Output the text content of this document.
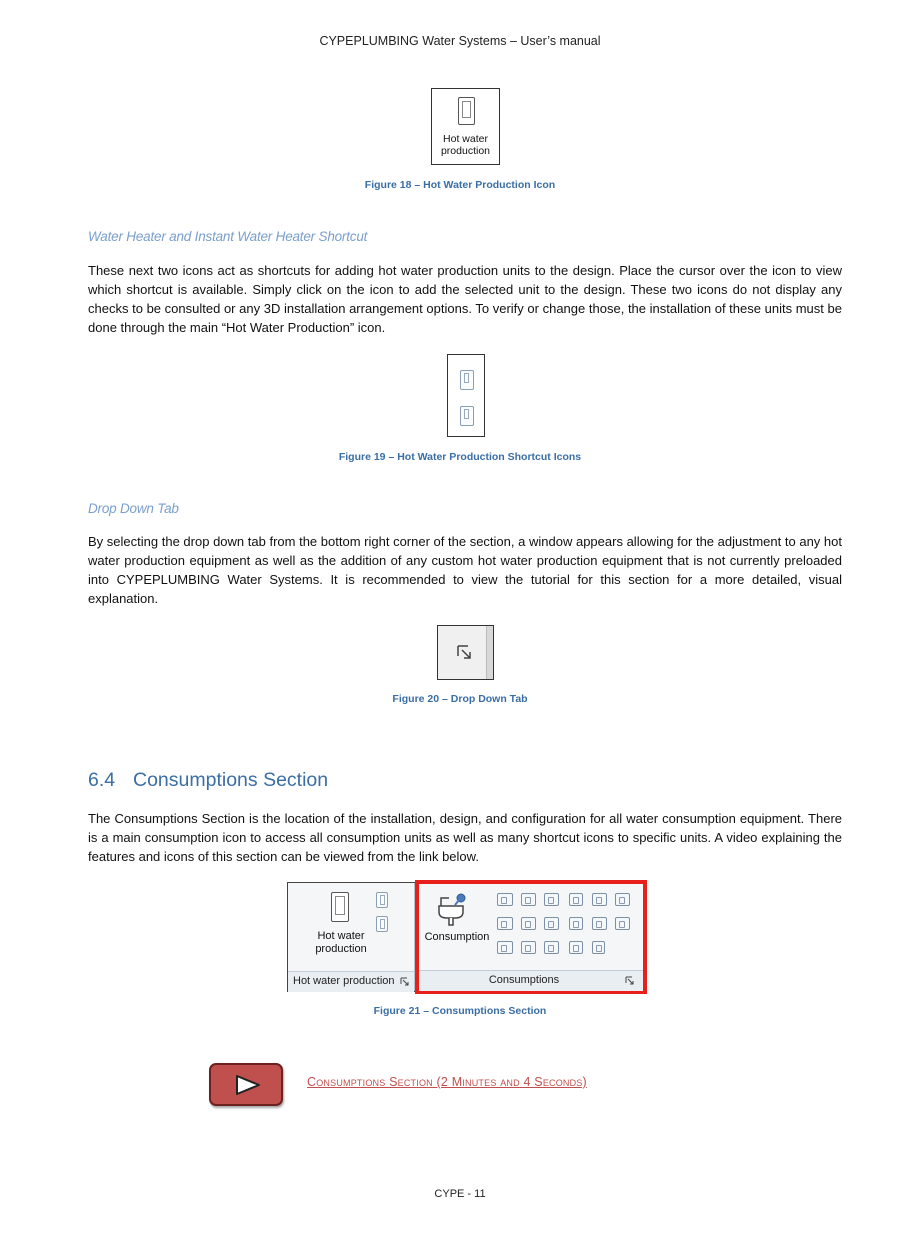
CYPEPLUMBING Water Systems – User’s manual
Hot water
production
Figure 18 – Hot Water Production Icon
Water Heater and Instant Water Heater Shortcut
These next two icons act as shortcuts for adding hot water production units to the design. Place the cursor over the icon to view which shortcut is available. Simply click on the icon to add the selected unit to the design. These two icons do not display any checks to be consulted or any 3D installation arrangement options. To verify or change those, the installation of these units must be done through the main “Hot Water Production” icon.
Figure 19 – Hot Water Production Shortcut Icons
Drop Down Tab
By selecting the drop down tab from the bottom right corner of the section, a window appears allowing for the adjustment to any hot water production equipment as well as the addition of any custom hot water production equipment that is not currently preloaded into CYPEPLUMBING Water Systems. It is recommended to view the tutorial for this section for a more detailed, visual explanation.
Figure 20 – Drop Down Tab
6.4 Consumptions Section
The Consumptions Section is the location of the installation, design, and configuration for all water consumption equipment. There is a main consumption icon to access all consumption units as well as many shortcut icons to specific units. A video explaining the features and icons of this section can be viewed from the link below.
Hot water
production
Hot water production
Consumption
Consumptions
Figure 21 – Consumptions Section
Consumptions Section (2 Minutes and 4 Seconds)
CYPE - 11
